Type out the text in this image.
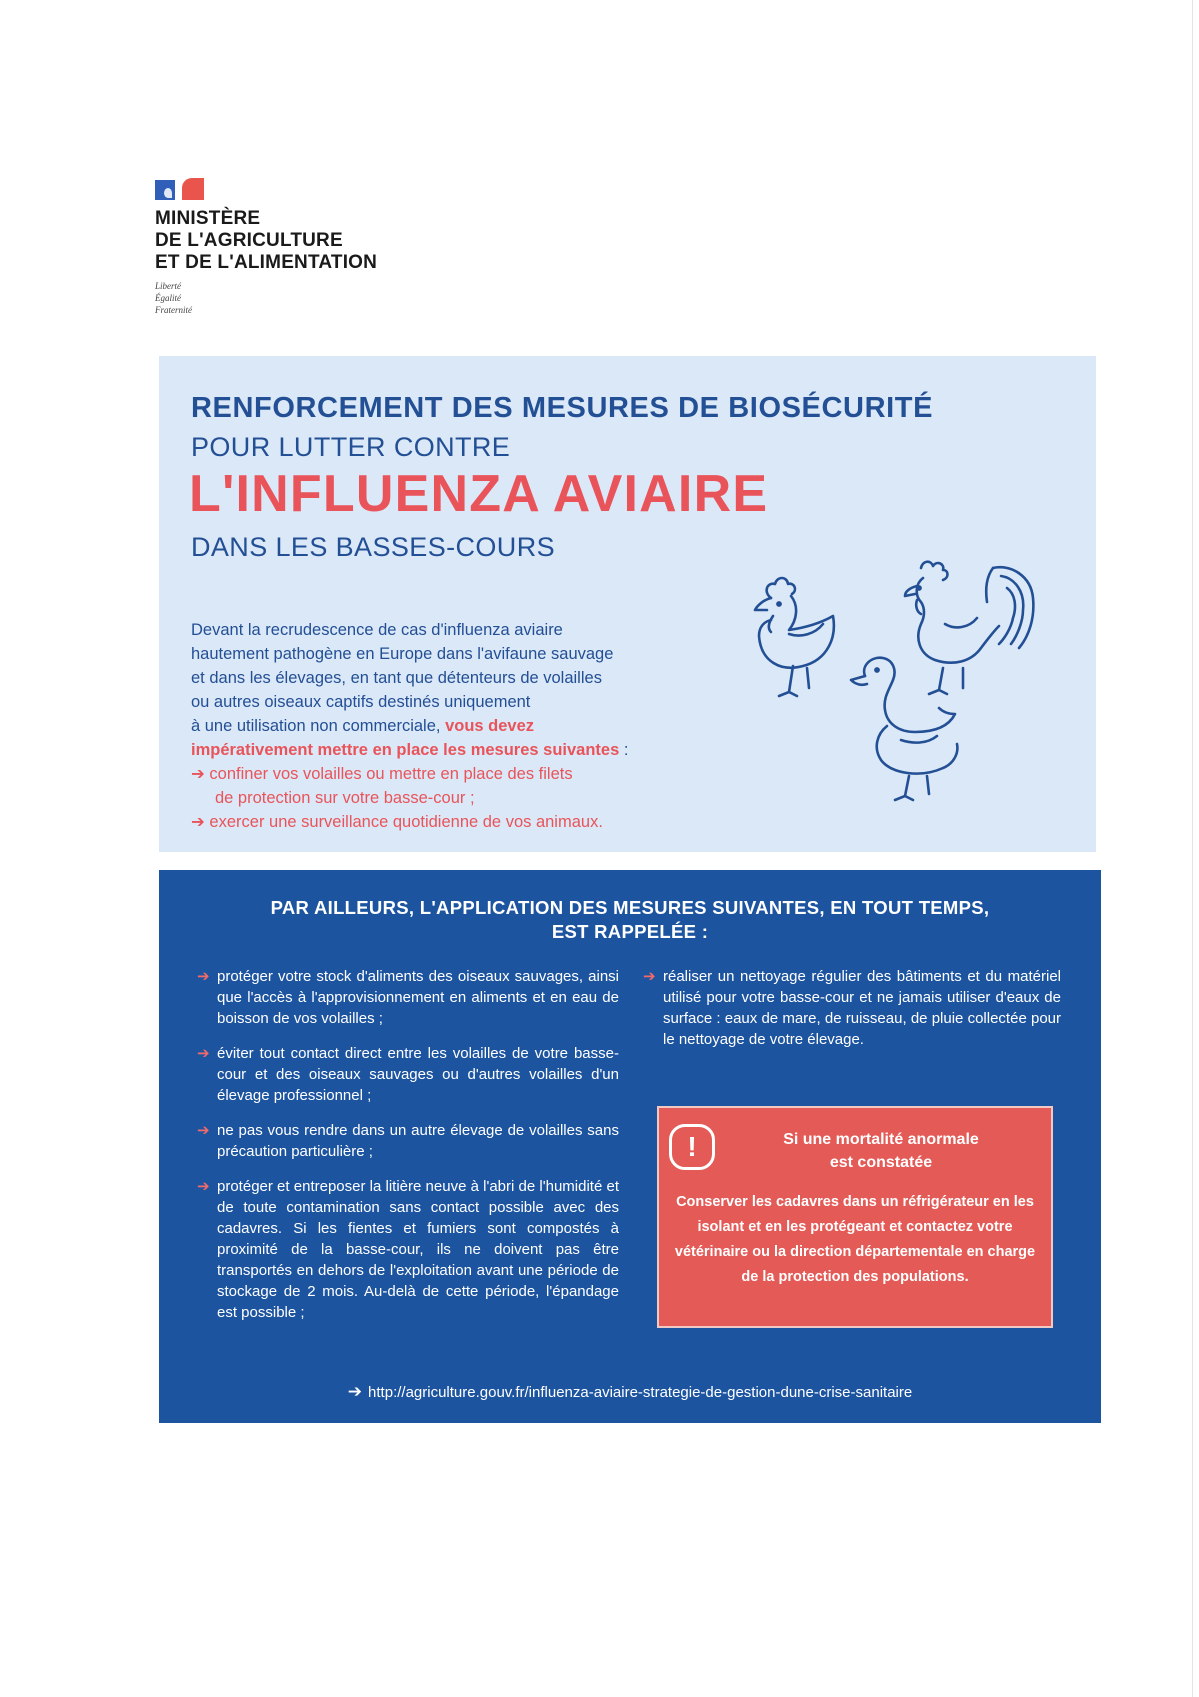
MINISTÈRE
DE L'AGRICULTURE
ET DE L'ALIMENTATION
Liberté
Égalité
Fraternité
RENFORCEMENT DES MESURES DE BIOSÉCURITÉ
POUR LUTTER CONTRE
L'INFLUENZA AVIAIRE
DANS LES BASSES-COURS
Devant la recrudescence de cas d'influenza aviaire
hautement pathogène en Europe dans l'avifaune sauvage
et dans les élevages, en tant que détenteurs de volailles
ou autres oiseaux captifs destinés uniquement
à une utilisation non commerciale, vous devez
impérativement mettre en place les mesures suivantes :
➔ confiner vos volailles ou mettre en place des filets
de protection sur votre basse-cour ;
➔ exercer une surveillance quotidienne de vos animaux.
PAR AILLEURS, L'APPLICATION DES MESURES SUIVANTES, EN TOUT TEMPS,
EST RAPPELÉE :
➔ protéger votre stock d'aliments des oiseaux sauvages, ainsi que l'accès à l'approvisionnement en aliments et en eau de boisson de vos volailles ;
➔ éviter tout contact direct entre les volailles de votre basse-cour et des oiseaux sauvages ou d'autres volailles d'un élevage professionnel ;
➔ ne pas vous rendre dans un autre élevage de volailles sans précaution particulière ;
➔ protéger et entreposer la litière neuve à l'abri de l'humidité et de toute contamination sans contact possible avec des cadavres. Si les fientes et fumiers sont compostés à proximité de la basse-cour, ils ne doivent pas être transportés en dehors de l'exploitation avant une période de stockage de 2 mois. Au-delà de cette période, l'épandage est possible ;
➔ réaliser un nettoyage régulier des bâtiments et du matériel utilisé pour votre basse-cour et ne jamais utiliser d'eaux de surface : eaux de mare, de ruisseau, de pluie collectée pour le nettoyage de votre élevage.
!	Si une mortalité anormale
est constatée
Conserver les cadavres dans un réfrigérateur en les isolant et en les protégeant et contactez votre vétérinaire ou la direction départementale en charge de la protection des populations.
➔ http://agriculture.gouv.fr/influenza-aviaire-strategie-de-gestion-dune-crise-sanitaire
